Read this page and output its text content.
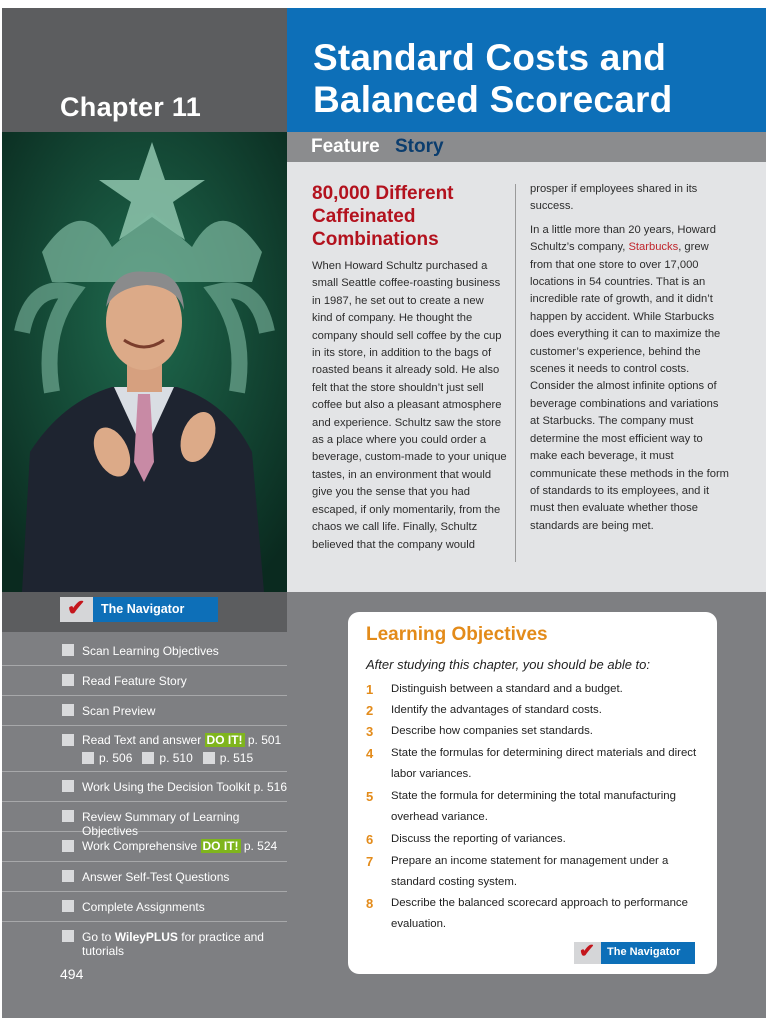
Chapter 11
Standard Costs and
Balanced Scorecard
Feature Story
80,000 Different Caffeinated Combinations

When Howard Schultz purchased a small Seattle coffee-roasting business in 1987, he set out to create a new kind of company. He thought the company should sell coffee by the cup in its store, in addition to the bags of roasted beans it already sold. He also felt that the store shouldn’t just sell coffee but also a pleasant atmosphere and experience. Schultz saw the store as a place where you could order a beverage, custom-made to your unique tastes, in an environment that would give you the sense that you had escaped, if only momentarily, from the chaos we call life. Finally, Schultz believed that the company would

prosper if employees shared in its success.

In a little more than 20 years, Howard Schultz’s company, Starbucks, grew from that one store to over 17,000 locations in 54 countries. That is an incredible rate of growth, and it didn’t happen by accident. While Starbucks does everything it can to maximize the customer’s experience, behind the scenes it needs to control costs. Consider the almost infinite options of beverage combinations and variations at Starbucks. The company must determine the most efficient way to make each beverage, it must communicate these methods in the form of standards to its employees, and it must then evaluate whether those standards are being met.

✔ The Navigator
Scan Learning Objectives
Read Feature Story
Scan Preview
Read Text and answer DO IT! p. 501
p. 506 p. 510 p. 515
Work Using the Decision Toolkit p. 516
Review Summary of Learning Objectives
Work Comprehensive DO IT! p. 524
Answer Self-Test Questions
Complete Assignments
Go to WileyPLUS for practice and tutorials
494
Learning Objectives
After studying this chapter, you should be able to:
1 Distinguish between a standard and a budget.
2 Identify the advantages of standard costs.
3 Describe how companies set standards.
4 State the formulas for determining direct materials and direct labor variances.
5 State the formula for determining the total manufacturing overhead variance.
6 Discuss the reporting of variances.
7 Prepare an income statement for management under a standard costing system.
8 Describe the balanced scorecard approach to performance evaluation.
✔ The Navigator
